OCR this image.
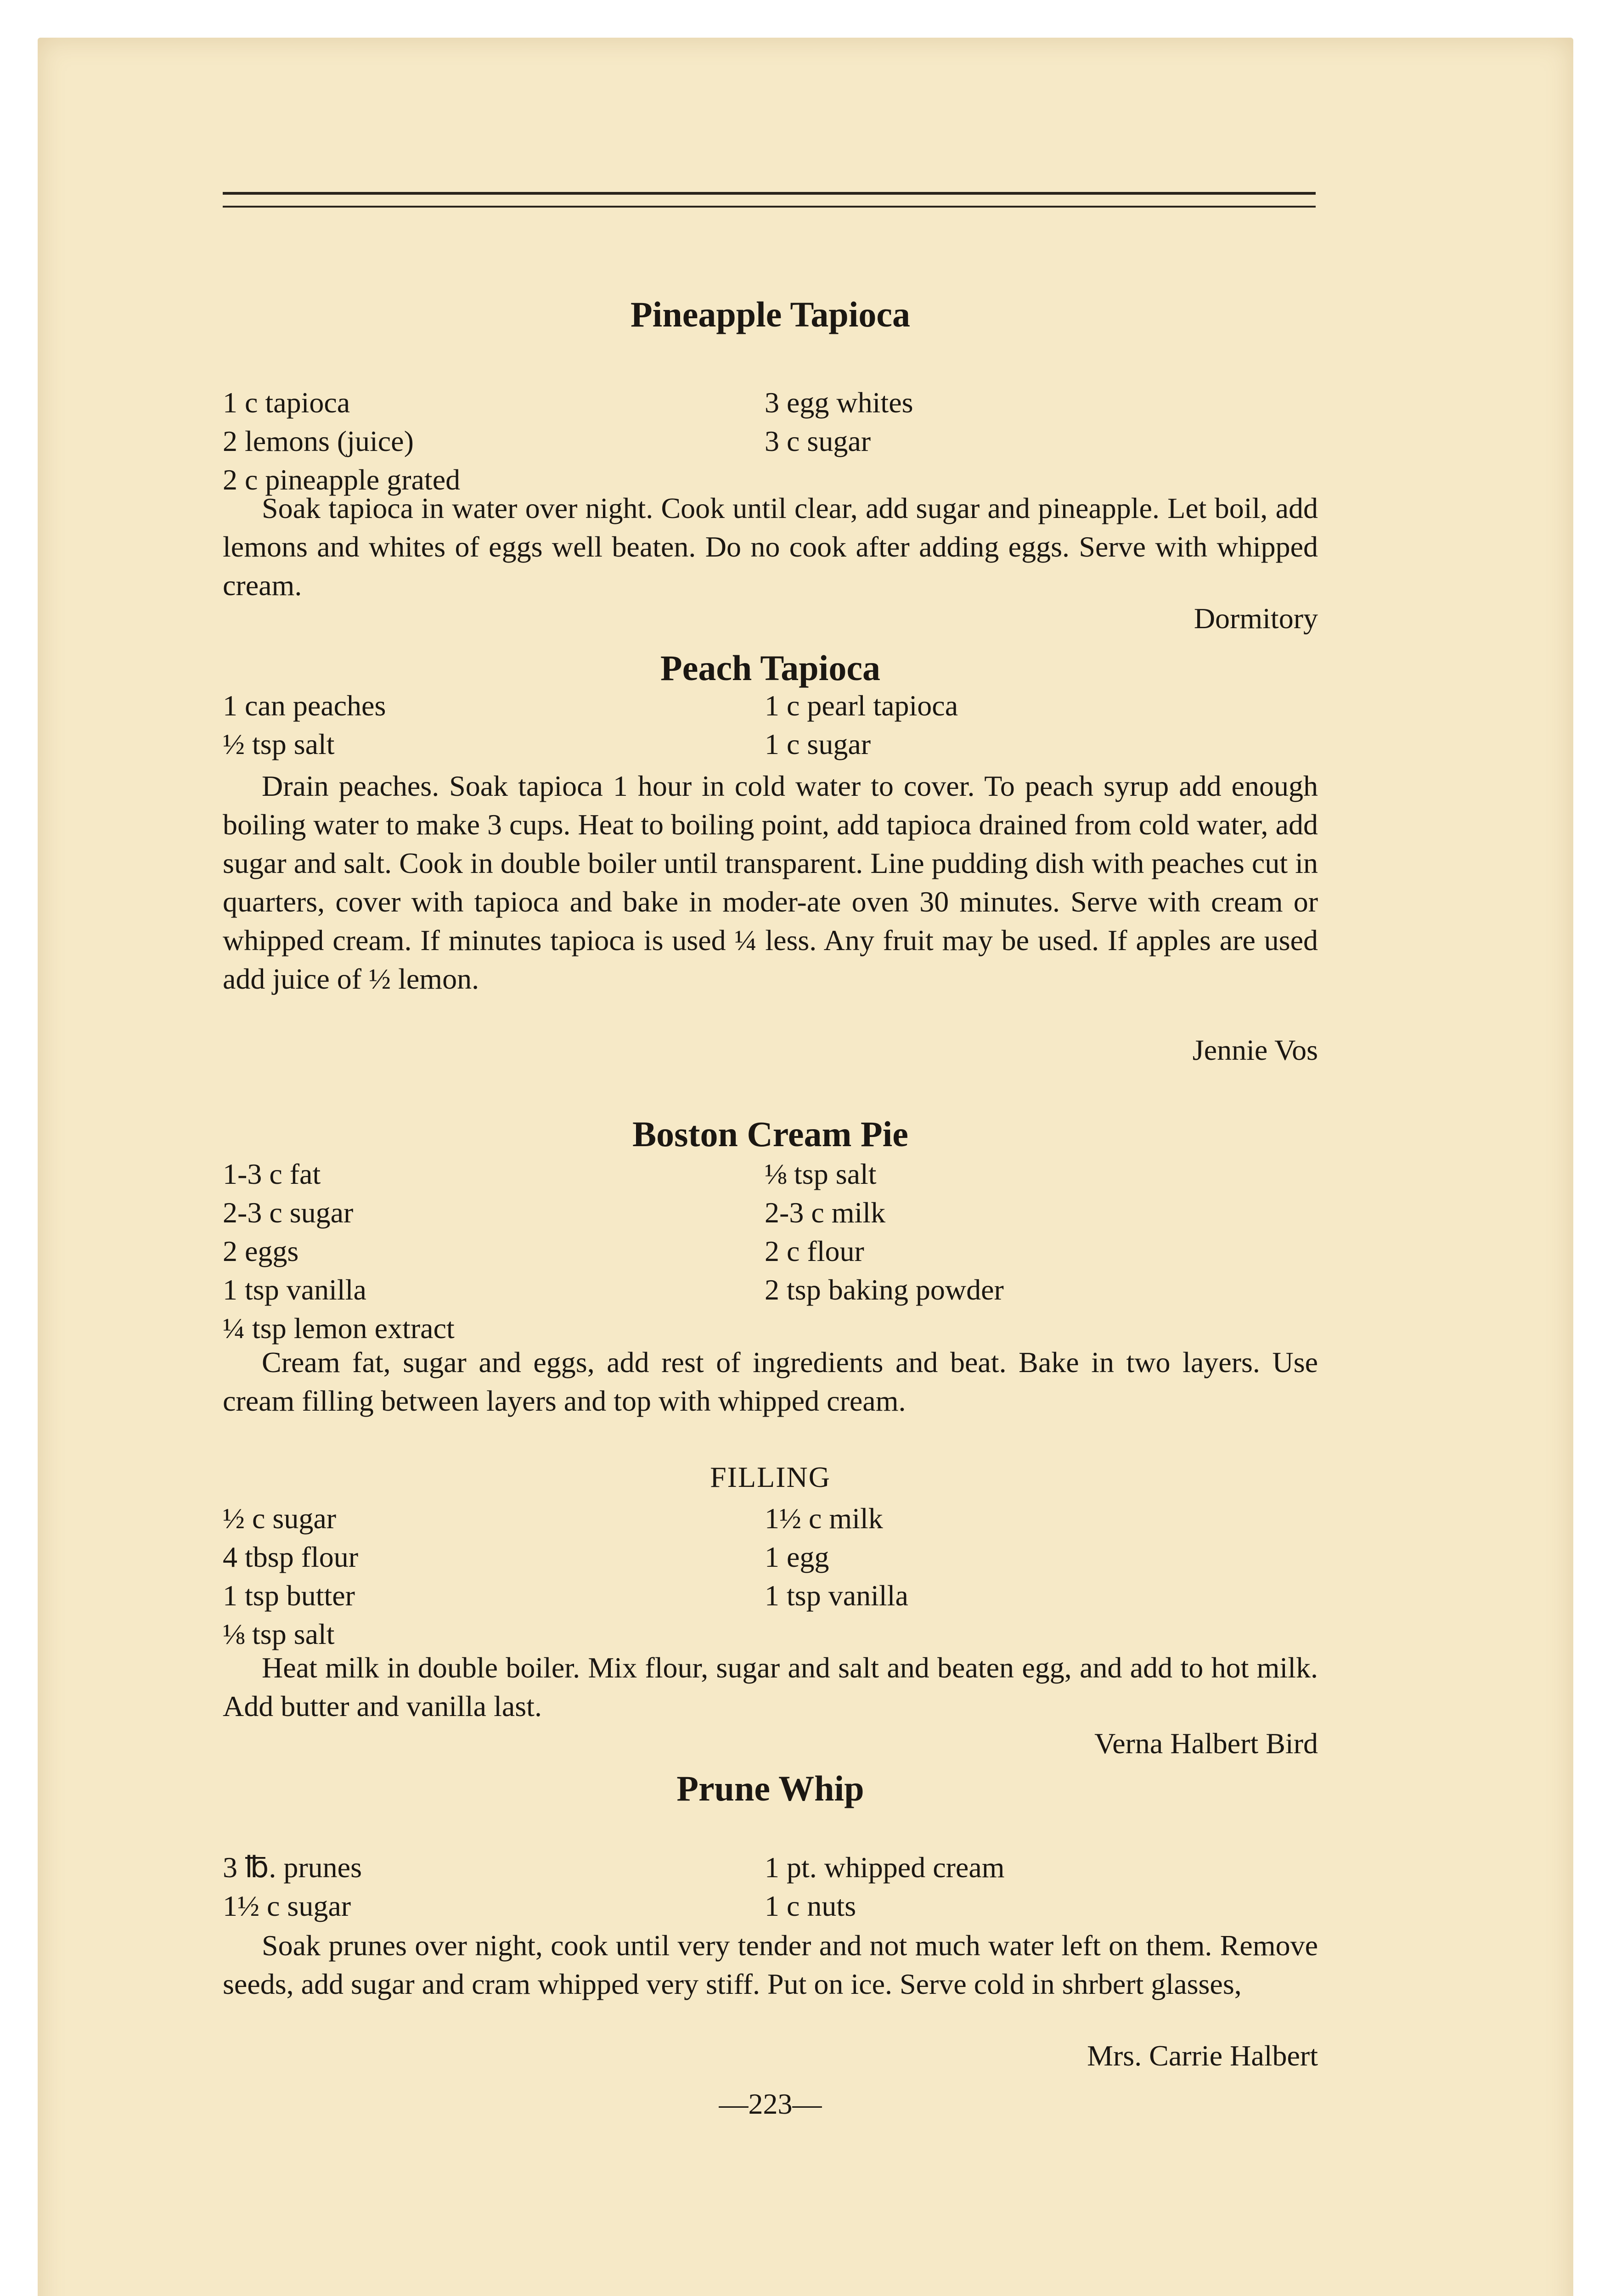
Pineapple Tapioca
1 c tapioca	3 egg whites
2 lemons (juice)	3 c sugar
2 c pineapple grated
Soak tapioca in water over night. Cook until clear, add sugar and pineapple. Let boil, add lemons and whites of eggs well beaten. Do no cook after adding eggs. Serve with whipped cream.
Dormitory
Peach Tapioca
1 can peaches	1 c pearl tapioca
½ tsp salt	1 c sugar
Drain peaches. Soak tapioca 1 hour in cold water to cover. To peach syrup add enough boiling water to make 3 cups. Heat to boiling point, add tapioca drained from cold water, add sugar and salt. Cook in double boiler until transparent. Line pudding dish with peaches cut in quarters, cover with tapioca and bake in moder-ate oven 30 minutes. Serve with cream or whipped cream. If minutes tapioca is used ¼ less. Any fruit may be used. If apples are used add juice of ½ lemon.
Jennie Vos
Boston Cream Pie
1-3 c fat	⅛ tsp salt
2-3 c sugar	2-3 c milk
2 eggs	2 c flour
1 tsp vanilla	2 tsp baking powder
¼ tsp lemon extract
Cream fat, sugar and eggs, add rest of ingredients and beat. Bake in two layers. Use cream filling between layers and top with whipped cream.
FILLING
½ c sugar	1½ c milk
4 tbsp flour	1 egg
1 tsp butter	1 tsp vanilla
⅛ tsp salt
Heat milk in double boiler. Mix flour, sugar and salt and beaten egg, and add to hot milk. Add butter and vanilla last.
Verna Halbert Bird
Prune Whip
3 ℔. prunes	1 pt. whipped cream
1½ c sugar	1 c nuts
Soak prunes over night, cook until very tender and not much water left on them. Remove seeds, add sugar and cram whipped very stiff. Put on ice. Serve cold in shrbert glasses,
Mrs. Carrie Halbert
—223—
